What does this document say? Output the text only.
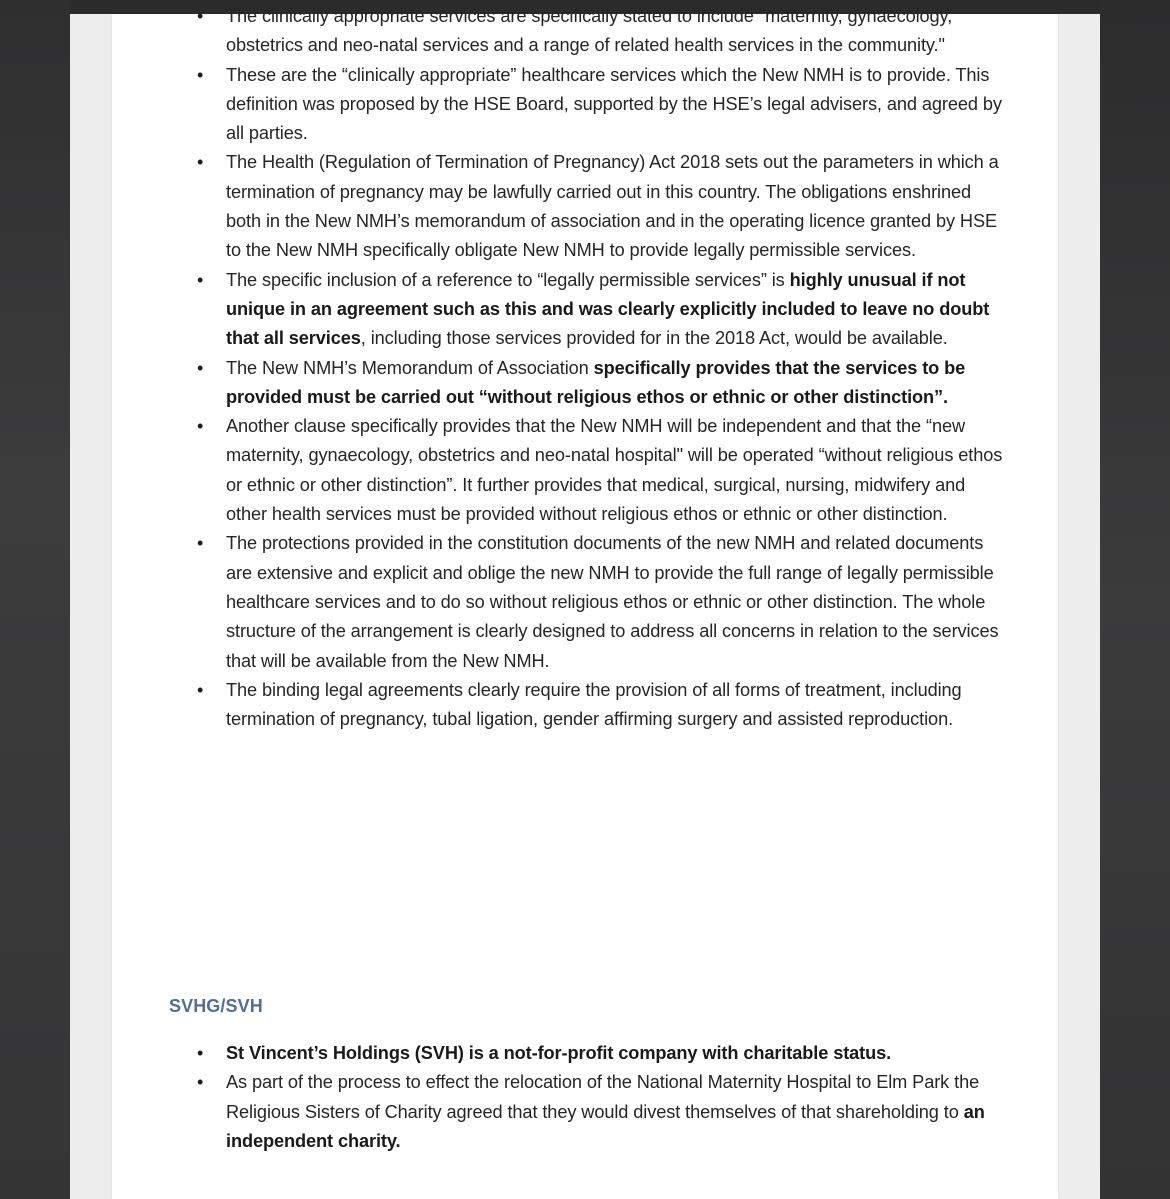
• The clinically appropriate services are specifically stated to include "maternity, gynaecology, obstetrics and neo-natal services and a range of related health services in the community."
• These are the “clinically appropriate” healthcare services which the New NMH is to provide. This definition was proposed by the HSE Board, supported by the HSE’s legal advisers, and agreed by all parties.
• The Health (Regulation of Termination of Pregnancy) Act 2018 sets out the parameters in which a termination of pregnancy may be lawfully carried out in this country. The obligations enshrined both in the New NMH’s memorandum of association and in the operating licence granted by HSE to the New NMH specifically obligate New NMH to provide legally permissible services.
• The specific inclusion of a reference to “legally permissible services” is highly unusual if not unique in an agreement such as this and was clearly explicitly included to leave no doubt that all services, including those services provided for in the 2018 Act, would be available.
• The New NMH’s Memorandum of Association specifically provides that the services to be provided must be carried out “without religious ethos or ethnic or other distinction”.
• Another clause specifically provides that the New NMH will be independent and that the “new maternity, gynaecology, obstetrics and neo-natal hospital" will be operated “without religious ethos or ethnic or other distinction”. It further provides that medical, surgical, nursing, midwifery and other health services must be provided without religious ethos or ethnic or other distinction.
• The protections provided in the constitution documents of the new NMH and related documents are extensive and explicit and oblige the new NMH to provide the full range of legally permissible healthcare services and to do so without religious ethos or ethnic or other distinction. The whole structure of the arrangement is clearly designed to address all concerns in relation to the services that will be available from the New NMH.
• The binding legal agreements clearly require the provision of all forms of treatment, including termination of pregnancy, tubal ligation, gender affirming surgery and assisted reproduction.
SVHG/SVH
• St Vincent’s Holdings (SVH) is a not-for-profit company with charitable status.
• As part of the process to effect the relocation of the National Maternity Hospital to Elm Park the Religious Sisters of Charity agreed that they would divest themselves of that shareholding to an independent charity.
